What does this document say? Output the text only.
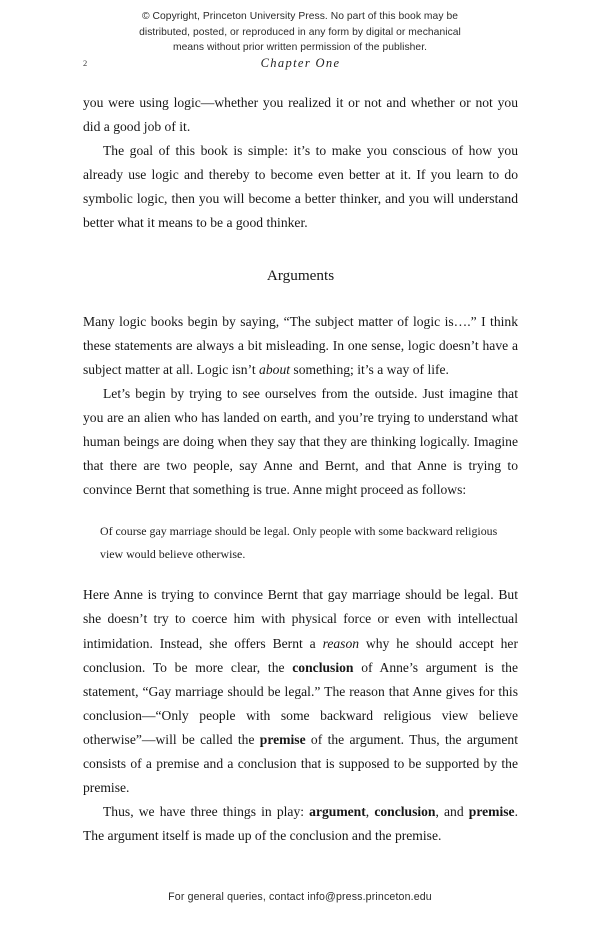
© Copyright, Princeton University Press. No part of this book may be
distributed, posted, or reproduced in any form by digital or mechanical
means without prior written permission of the publisher.
2	Chapter One

you were using logic—whether you realized it or not and whether or not you did a good job of it.

The goal of this book is simple: it’s to make you conscious of how you already use logic and thereby to become even better at it. If you learn to do symbolic logic, then you will become a better thinker, and you will understand better what it means to be a good thinker.

Arguments

Many logic books begin by saying, “The subject matter of logic is….” I think these statements are always a bit misleading. In one sense, logic doesn’t have a subject matter at all. Logic isn’t about something; it’s a way of life.

Let’s begin by trying to see ourselves from the outside. Just imagine that you are an alien who has landed on earth, and you’re trying to understand what human beings are doing when they say that they are thinking logically. Imagine that there are two people, say Anne and Bernt, and that Anne is trying to convince Bernt that something is true. Anne might proceed as follows:

Of course gay marriage should be legal. Only people with some backward religious view would believe otherwise.

Here Anne is trying to convince Bernt that gay marriage should be legal. But she doesn’t try to coerce him with physical force or even with intellectual intimidation. Instead, she offers Bernt a reason why he should accept her conclusion. To be more clear, the conclusion of Anne’s argument is the statement, “Gay marriage should be legal.” The reason that Anne gives for this conclusion—“Only people with some backward religious view believe otherwise”—will be called the premise of the argument. Thus, the argument consists of a premise and a conclusion that is supposed to be supported by the premise.

Thus, we have three things in play: argument, conclusion, and premise. The argument itself is made up of the conclusion and the premise.

For general queries, contact info@press.princeton.edu
